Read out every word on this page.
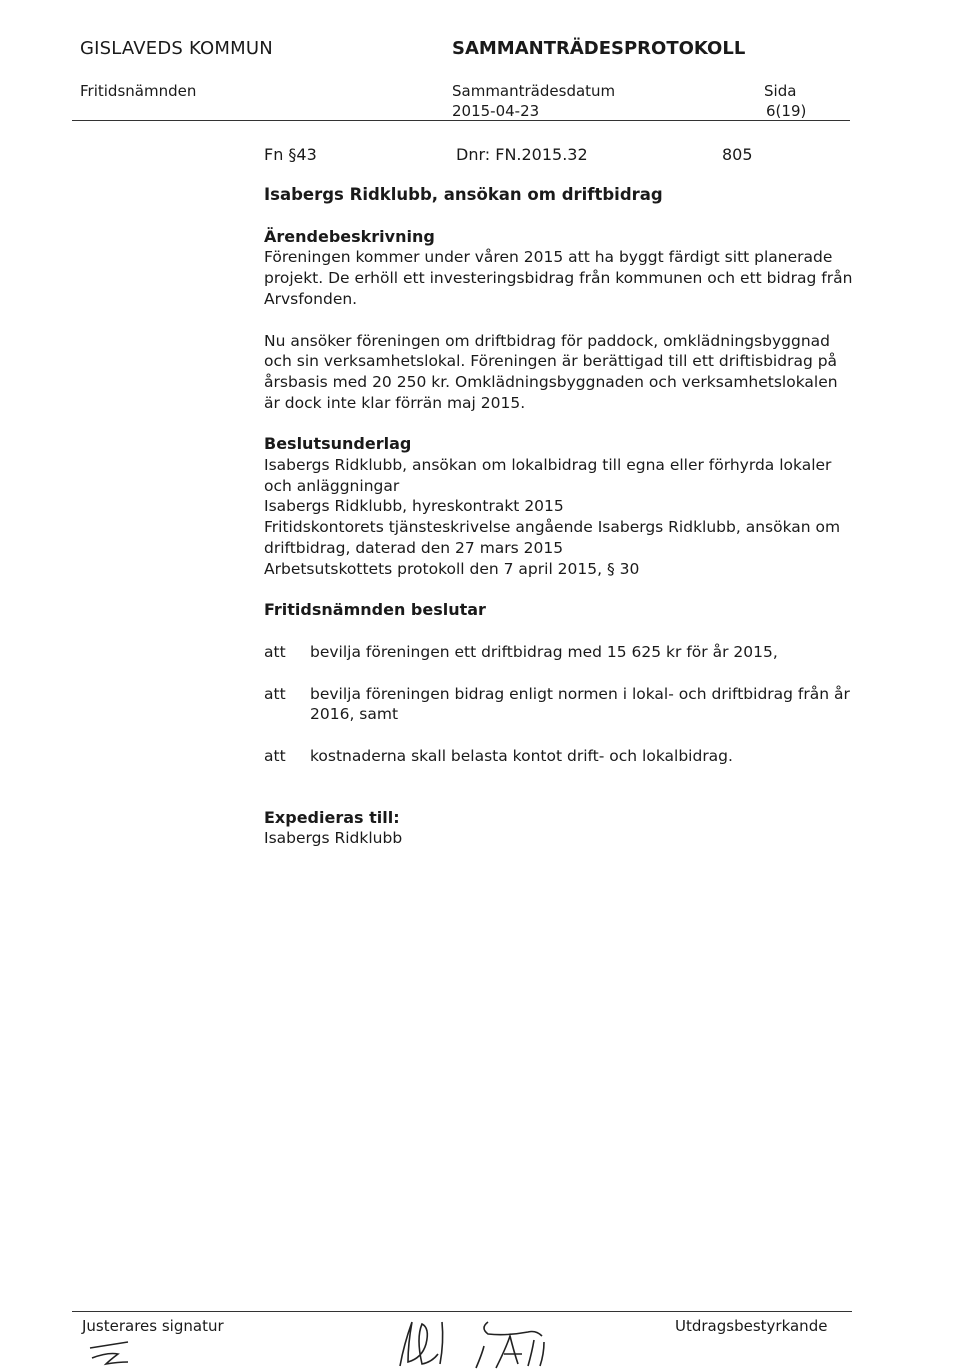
GISLAVEDS KOMMUN	SAMMANTRÄDESPROTOKOLL
Fritidsnämnden	Sammanträdesdatum
2015-04-23
Sida
6(19)
Fn §43	Dnr: FN.2015.32	805

Isabergs Ridklubb, ansökan om driftbidrag

Ärendebeskrivning

Föreningen kommer under våren 2015 att ha byggt färdigt sitt planerade projekt. De erhöll ett investeringsbidrag från kommunen och ett bidrag från Arvsfonden.

Nu ansöker föreningen om driftbidrag för paddock, omklädningsbyggnad och sin verksamhetslokal. Föreningen är berättigad till ett driftisbidrag på årsbasis med 20 250 kr. Omklädningsbyggnaden och verksamhetslokalen är dock inte klar förrän maj 2015.

Beslutsunderlag

Isabergs Ridklubb, ansökan om lokalbidrag till egna eller förhyrda lokaler och anläggningar

Isabergs Ridklubb, hyreskontrakt 2015

Fritidskontorets tjänsteskrivelse angående Isabergs Ridklubb, ansökan om driftbidrag, daterad den 27 mars 2015

Arbetsutskottets protokoll den 7 april 2015, § 30

Fritidsnämnden beslutar

att	bevilja föreningen ett driftbidrag med 15 625 kr för år 2015,
att	bevilja föreningen bidrag enligt normen i lokal- och driftbidrag från år 2016, samt
att	kostnaderna skall belasta kontot drift- och lokalbidrag.

Expedieras till:

Isabergs Ridklubb

Justerares signatur	Utdragsbestyrkande
